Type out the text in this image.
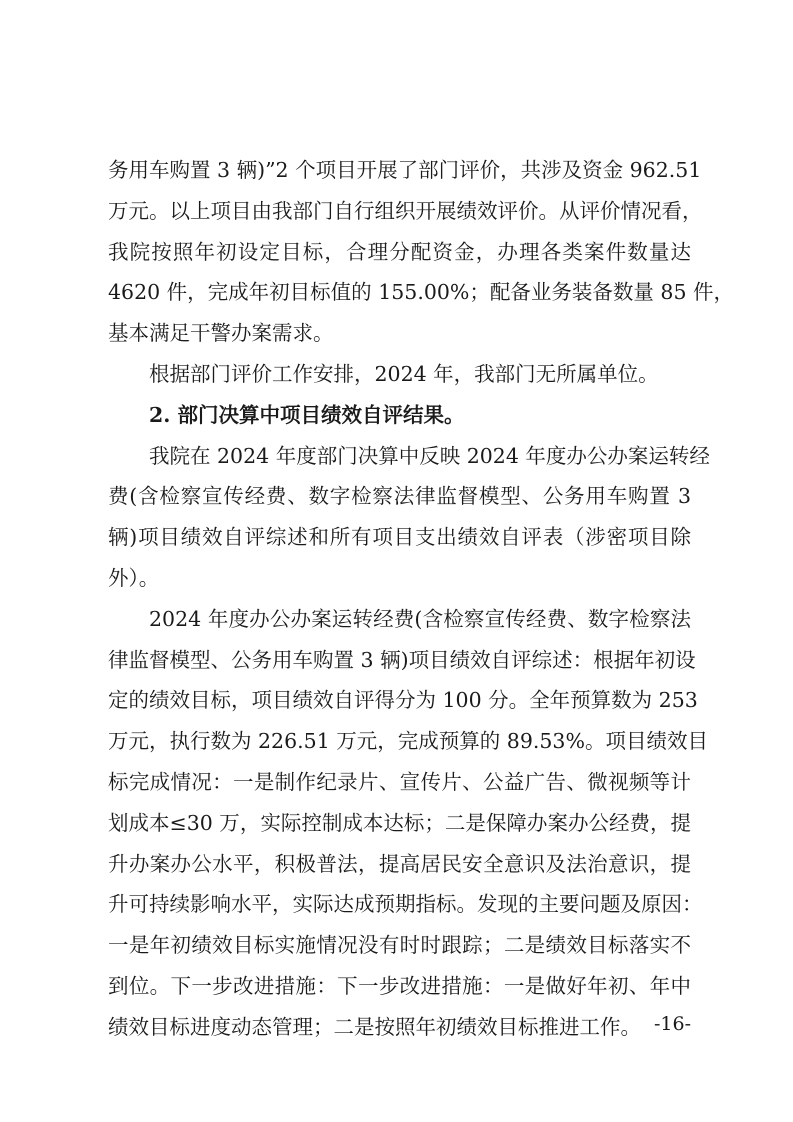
务用车购置 3 辆)”2 个项目开展了部门评价，共涉及资金 962.51
万元。以上项目由我部门自行组织开展绩效评价。从评价情况看，
我院按照年初设定目标，合理分配资金，办理各类案件数量达
4620 件，完成年初目标值的 155.00%；配备业务装备数量 85 件，
基本满足干警办案需求。
根据部门评价工作安排，2024 年，我部门无所属单位。
2. 部门决算中项目绩效自评结果。
我院在 2024 年度部门决算中反映 2024 年度办公办案运转经
费(含检察宣传经费、数字检察法律监督模型、公务用车购置 3
辆)项目绩效自评综述和所有项目支出绩效自评表（涉密项目除
外）。
2024 年度办公办案运转经费(含检察宣传经费、数字检察法
律监督模型、公务用车购置 3 辆)项目绩效自评综述：根据年初设
定的绩效目标，项目绩效自评得分为 100 分。全年预算数为 253
万元，执行数为 226.51 万元，完成预算的 89.53%。项目绩效目
标完成情况：一是制作纪录片、宣传片、公益广告、微视频等计
划成本≤30 万，实际控制成本达标；二是保障办案办公经费，提
升办案办公水平，积极普法，提高居民安全意识及法治意识，提
升可持续影响水平，实际达成预期指标。发现的主要问题及原因：
一是年初绩效目标实施情况没有时时跟踪；二是绩效目标落实不
到位。下一步改进措施：下一步改进措施：一是做好年初、年中
绩效目标进度动态管理；二是按照年初绩效目标推进工作。 -16-
